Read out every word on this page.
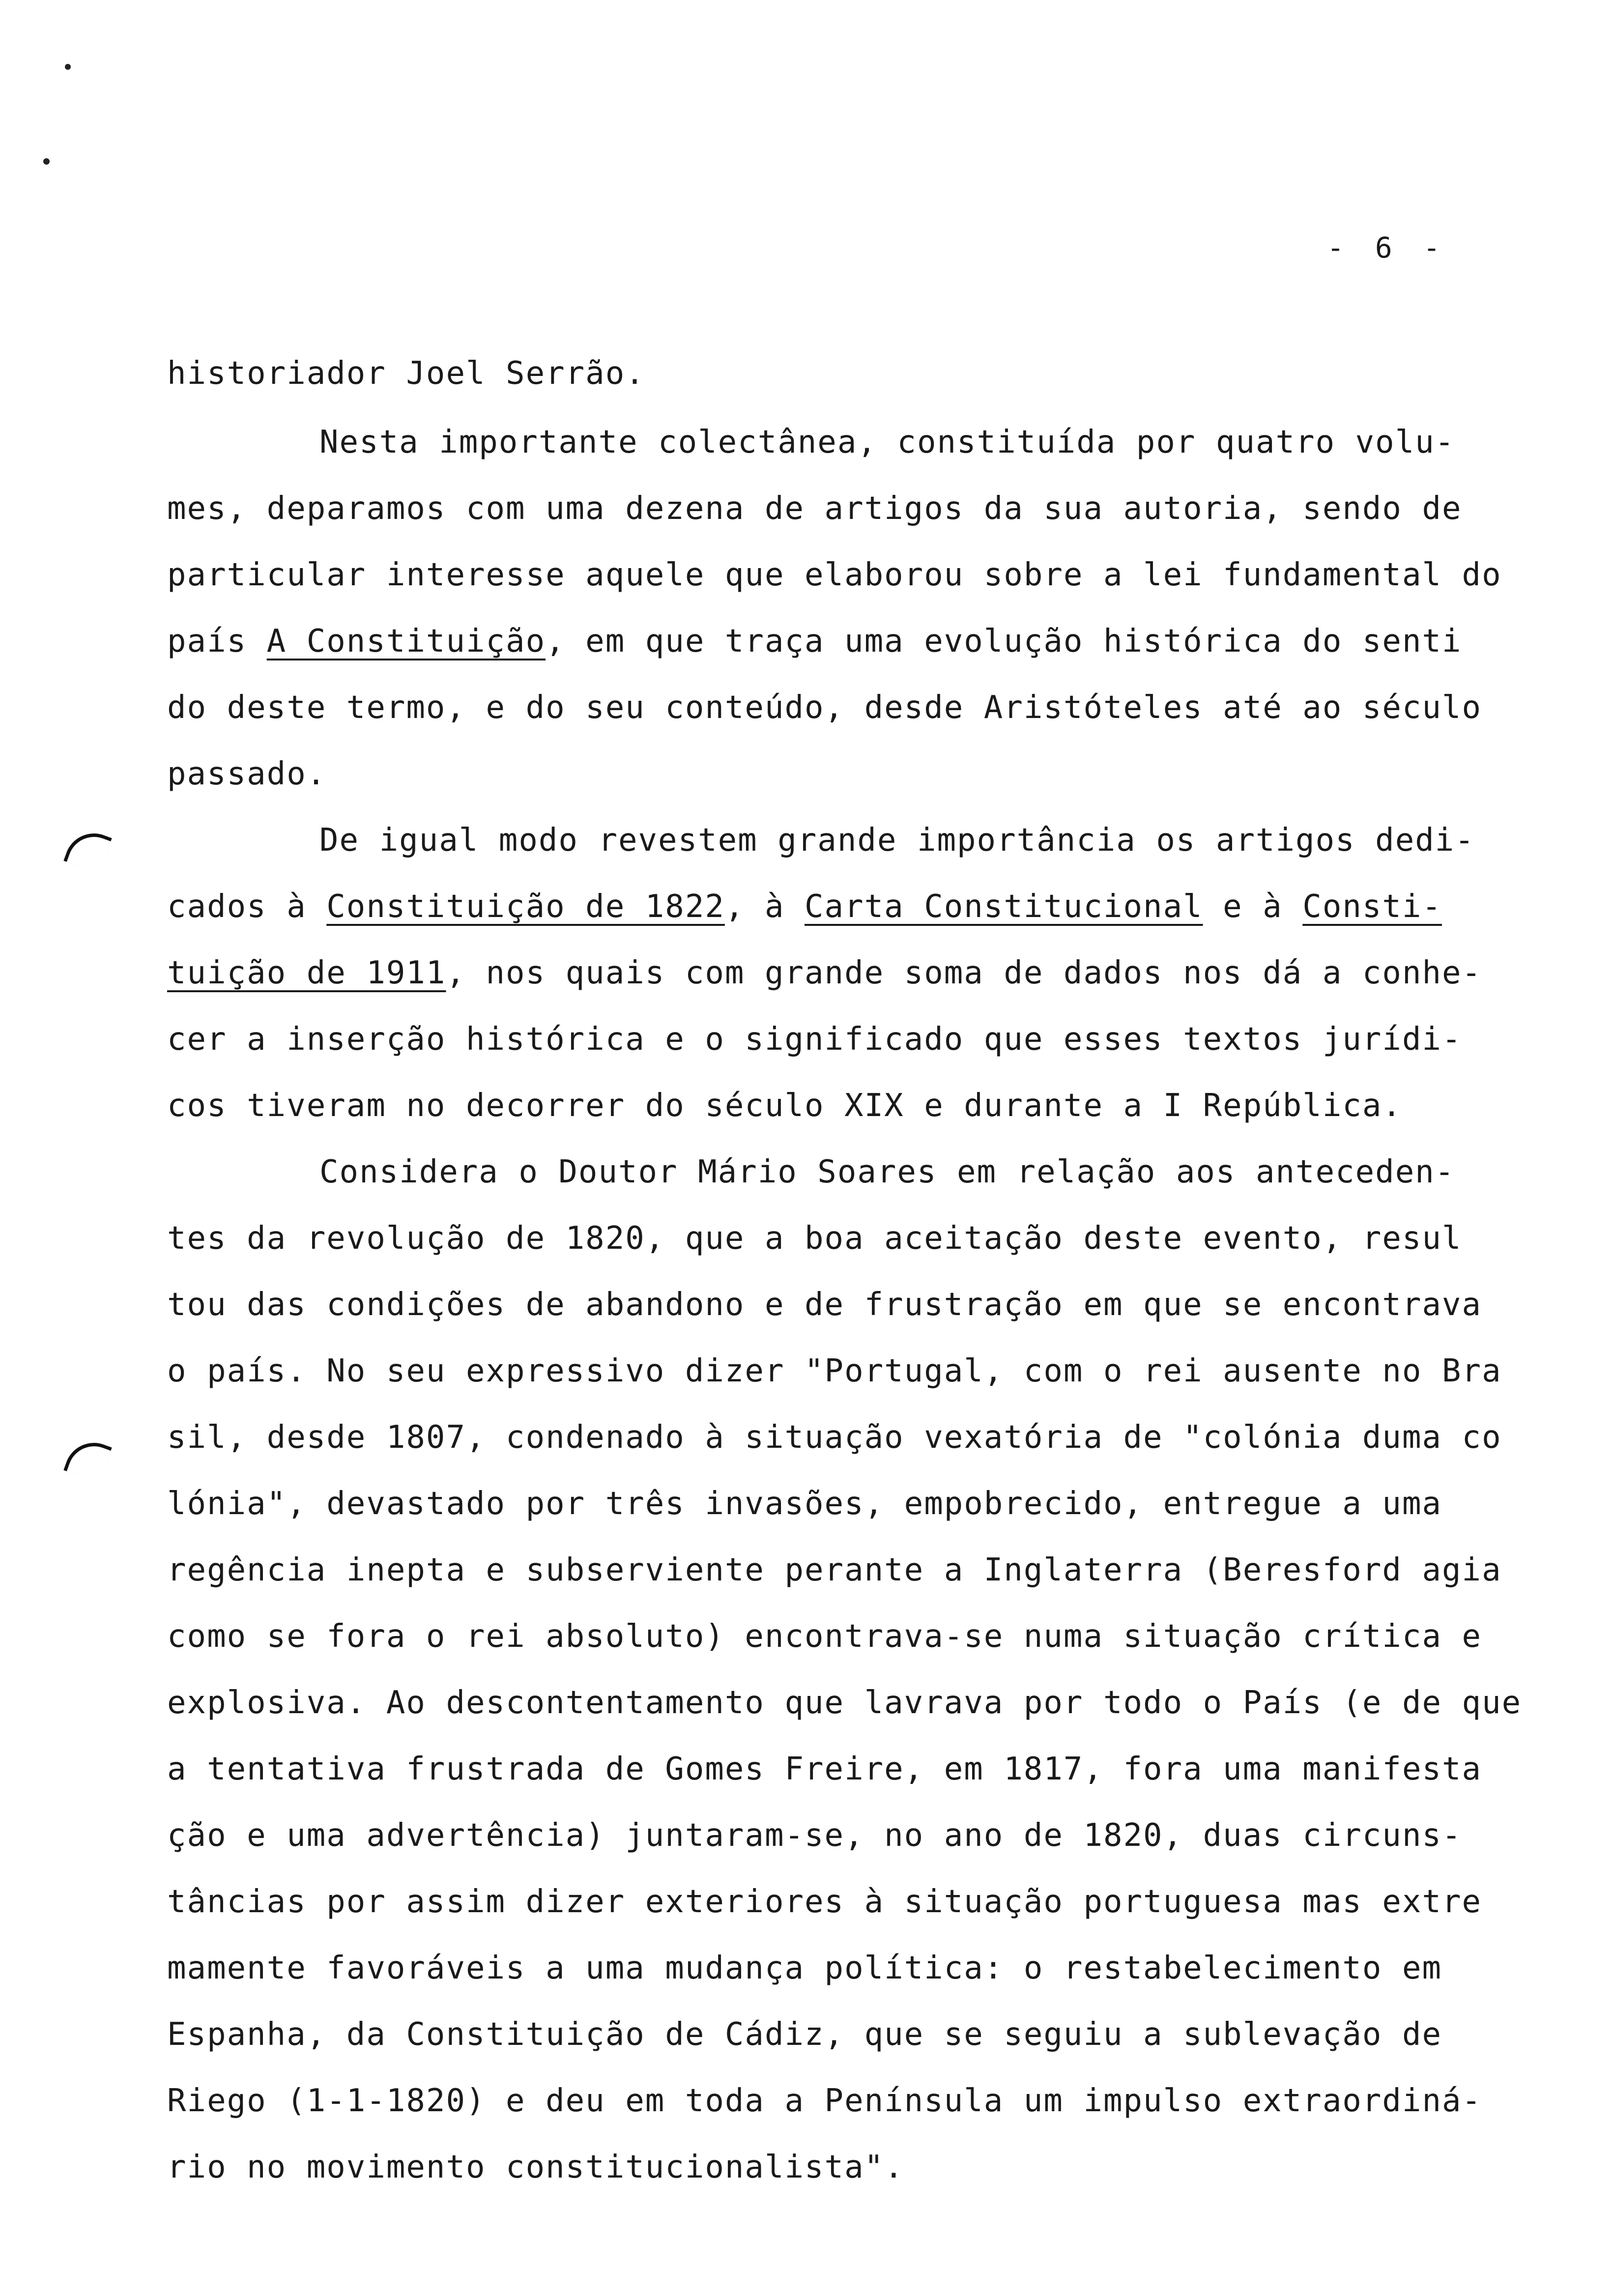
- 6 -
historiador Joel Serrão.
Nesta importante colectânea, constituída por quatro volu-
mes, deparamos com uma dezena de artigos da sua autoria, sendo de
particular interesse aquele que elaborou sobre a lei fundamental do
país A Constituição, em que traça uma evolução histórica do senti
do deste termo, e do seu conteúdo, desde Aristóteles até ao século
passado.
De igual modo revestem grande importância os artigos dedi-
cados à Constituição de 1822, à Carta Constitucional e à Consti-
tuição de 1911, nos quais com grande soma de dados nos dá a conhe-
cer a inserção histórica e o significado que esses textos jurídi-
cos tiveram no decorrer do século XIX e durante a I República.
Considera o Doutor Mário Soares em relação aos anteceden-
tes da revolução de 1820, que a boa aceitação deste evento, resul
tou das condições de abandono e de frustração em que se encontrava
o país. No seu expressivo dizer "Portugal, com o rei ausente no Bra
sil, desde 1807, condenado à situação vexatória de "colónia duma co
lónia", devastado por três invasões, empobrecido, entregue a uma
regência inepta e subserviente perante a Inglaterra (Beresford agia
como se fora o rei absoluto) encontrava-se numa situação crítica e
explosiva. Ao descontentamento que lavrava por todo o País (e de que
a tentativa frustrada de Gomes Freire, em 1817, fora uma manifesta
ção e uma advertência) juntaram-se, no ano de 1820, duas circuns-
tâncias por assim dizer exteriores à situação portuguesa mas extre
mamente favoráveis a uma mudança política: o restabelecimento em
Espanha, da Constituição de Cádiz, que se seguiu a sublevação de
Riego (1-1-1820) e deu em toda a Península um impulso extraordiná-
rio no movimento constitucionalista".
